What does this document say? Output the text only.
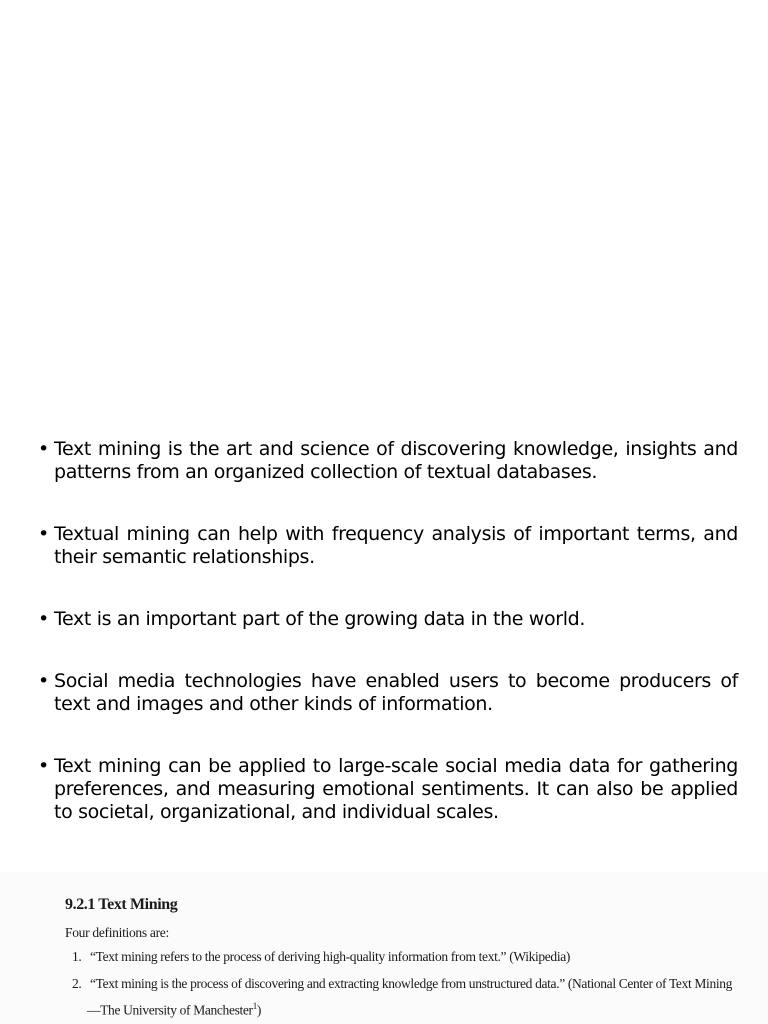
• Text mining is the art and science of discovering knowledge, insights and patterns from an organized collection of textual databases.
• Textual mining can help with frequency analysis of important terms, and their semantic relationships.
• Text is an important part of the growing data in the world.
• Social media technologies have enabled users to become producers of text and images and other kinds of information.
• Text mining can be applied to large-scale social media data for gathering preferences, and measuring emotional sentiments. It can also be applied to societal, organizational, and individual scales.
9.2.1 Text Mining
Four definitions are:
1. “Text mining refers to the process of deriving high-quality information from text.” (Wikipedia)
2. “Text mining is the process of discovering and extracting knowledge from unstructured data.” (National Center of Text Mining
—The University of Manchester$^1$)
